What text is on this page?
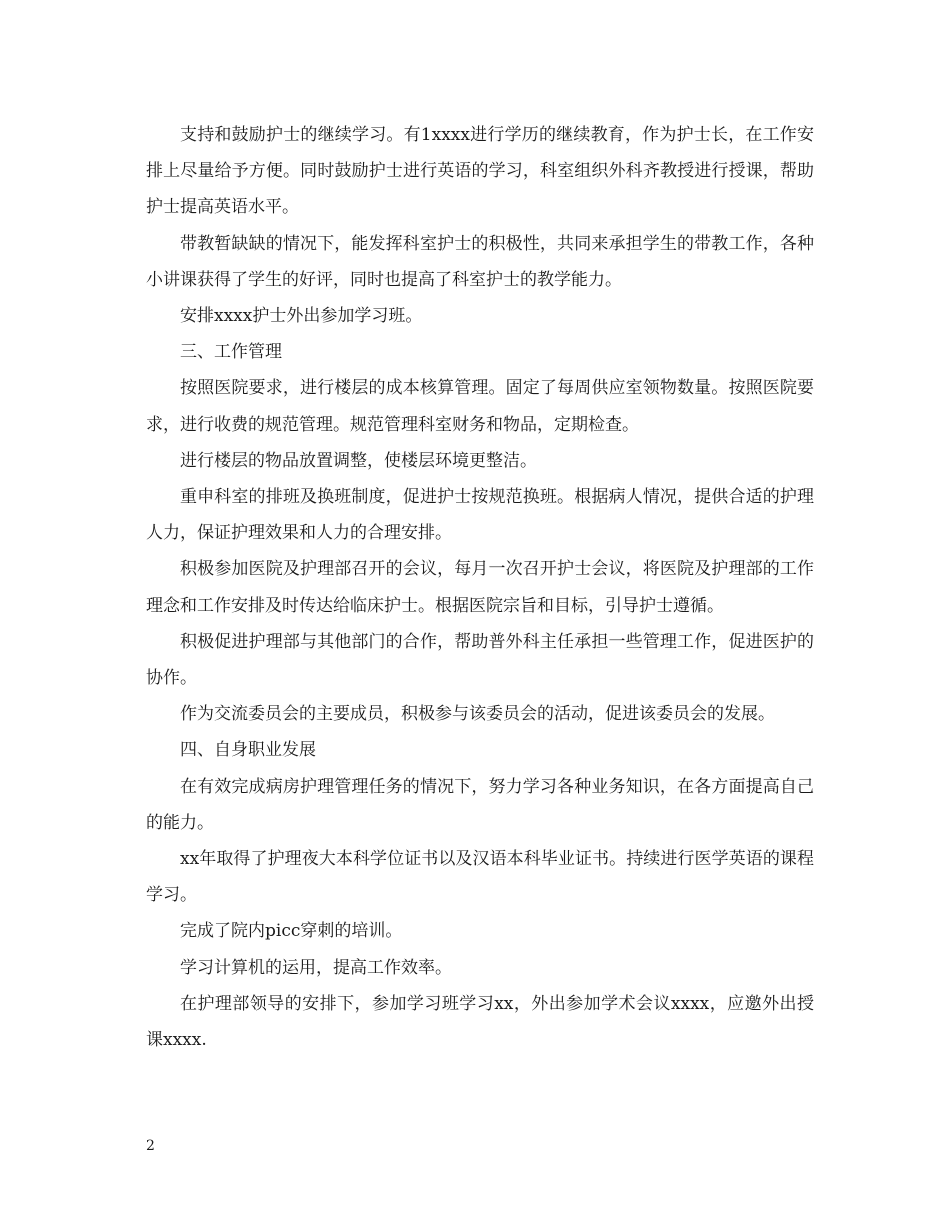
支持和鼓励护士的继续学习。有1xxxx进行学历的继续教育，作为护士长，在工作安排上尽量给予方便。同时鼓励护士进行英语的学习，科室组织外科齐教授进行授课，帮助护士提高英语水平。

带教暂缺缺的情况下，能发挥科室护士的积极性，共同来承担学生的带教工作，各种小讲课获得了学生的好评，同时也提高了科室护士的教学能力。

安排xxxx护士外出参加学习班。

三、工作管理

按照医院要求，进行楼层的成本核算管理。固定了每周供应室领物数量。按照医院要求，进行收费的规范管理。规范管理科室财务和物品，定期检查。

进行楼层的物品放置调整，使楼层环境更整洁。

重申科室的排班及换班制度，促进护士按规范换班。根据病人情况，提供合适的护理人力，保证护理效果和人力的合理安排。

积极参加医院及护理部召开的会议，每月一次召开护士会议，将医院及护理部的工作理念和工作安排及时传达给临床护士。根据医院宗旨和目标，引导护士遵循。

积极促进护理部与其他部门的合作，帮助普外科主任承担一些管理工作，促进医护的协作。

作为交流委员会的主要成员，积极参与该委员会的活动，促进该委员会的发展。

四、自身职业发展

在有效完成病房护理管理任务的情况下，努力学习各种业务知识，在各方面提高自己的能力。

xx年取得了护理夜大本科学位证书以及汉语本科毕业证书。持续进行医学英语的课程学习。

完成了院内picc穿刺的培训。

学习计算机的运用，提高工作效率。

在护理部领导的安排下，参加学习班学习xx，外出参加学术会议xxxx，应邀外出授课xxxx.

2
